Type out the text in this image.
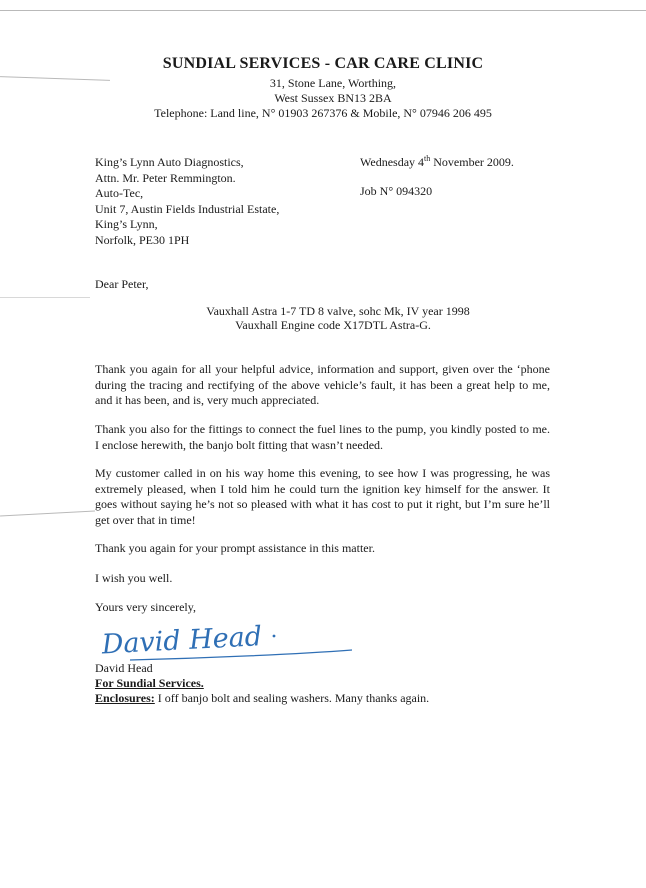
SUNDIAL SERVICES - CAR CARE CLINIC
31, Stone Lane, Worthing,
West Sussex BN13 2BA
Telephone: Land line, N° 01903 267376 & Mobile, N° 07946 206 495
King’s Lynn Auto Diagnostics,
Attn. Mr. Peter Remmington.
Auto-Tec,
Unit 7, Austin Fields Industrial Estate,
King’s Lynn,
Norfolk, PE30 1PH
Wednesday 4th November 2009.
Job N° 094320
Dear Peter,
Vauxhall Astra 1-7 TD 8 valve, sohc Mk, IV year 1998
Vauxhall Engine code X17DTL Astra-G.
Thank you again for all your helpful advice, information and support, given over the ‘phone during the tracing and rectifying of the above vehicle’s fault, it has been a great help to me, and it has been, and is, very much appreciated.
Thank you also for the fittings to connect the fuel lines to the pump, you kindly posted to me. I enclose herewith, the banjo bolt fitting that wasn’t needed.
My customer called in on his way home this evening, to see how I was progressing, he was extremely pleased, when I told him he could turn the ignition key himself for the answer. It goes without saying he’s not so pleased with what it has cost to put it right, but I’m sure he’ll get over that in time!
Thank you again for your prompt assistance in this matter.
I wish you well.
Yours very sincerely,
David Head
David Head
For Sundial Services.
Enclosures: I off banjo bolt and sealing washers. Many thanks again.
